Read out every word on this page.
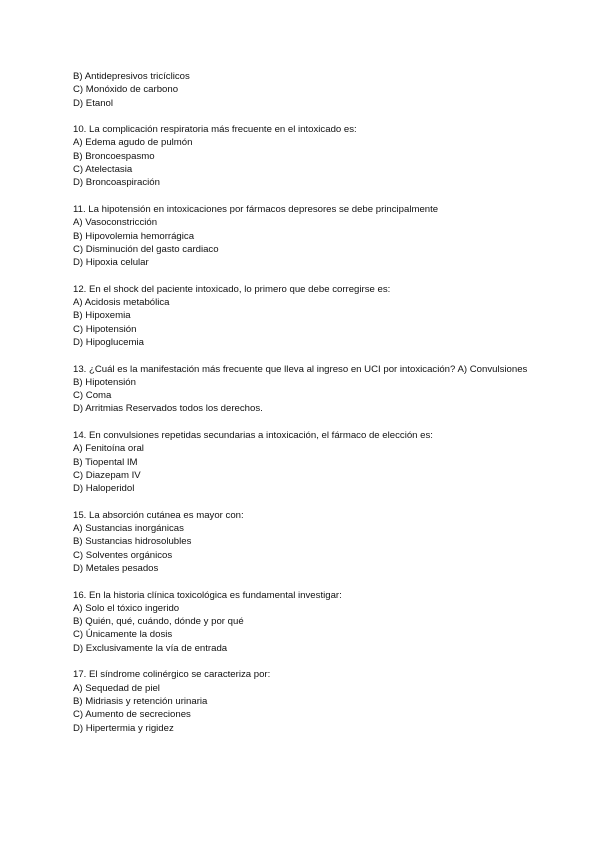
B) Antidepresivos tricíclicos
C) Monóxido de carbono
D) Etanol
10. La complicación respiratoria más frecuente en el intoxicado es:
A) Edema agudo de pulmón
B) Broncoespasmo
C) Atelectasia
D) Broncoaspiración
11. La hipotensión en intoxicaciones por fármacos depresores se debe principalmente
A) Vasoconstricción
B) Hipovolemia hemorrágica
C) Disminución del gasto cardiaco
D) Hipoxia celular
12. En el shock del paciente intoxicado, lo primero que debe corregirse es:
A) Acidosis metabólica
B) Hipoxemia
C) Hipotensión
D) Hipoglucemia
13. ¿Cuál es la manifestación más frecuente que lleva al ingreso en UCI por intoxicación? A) Convulsiones
B) Hipotensión
C) Coma
D) Arritmias Reservados todos los derechos.
14. En convulsiones repetidas secundarias a intoxicación, el fármaco de elección es:
A) Fenitoína oral
B) Tiopental IM
C) Diazepam IV
D) Haloperidol
15. La absorción cutánea es mayor con:
A) Sustancias inorgánicas
B) Sustancias hidrosolubles
C) Solventes orgánicos
D) Metales pesados
16. En la historia clínica toxicológica es fundamental investigar:
A) Solo el tóxico ingerido
B) Quién, qué, cuándo, dónde y por qué
C) Únicamente la dosis
D) Exclusivamente la vía de entrada
17. El síndrome colinérgico se caracteriza por:
A) Sequedad de piel
B) Midriasis y retención urinaria
C) Aumento de secreciones
D) Hipertermia y rigidez
